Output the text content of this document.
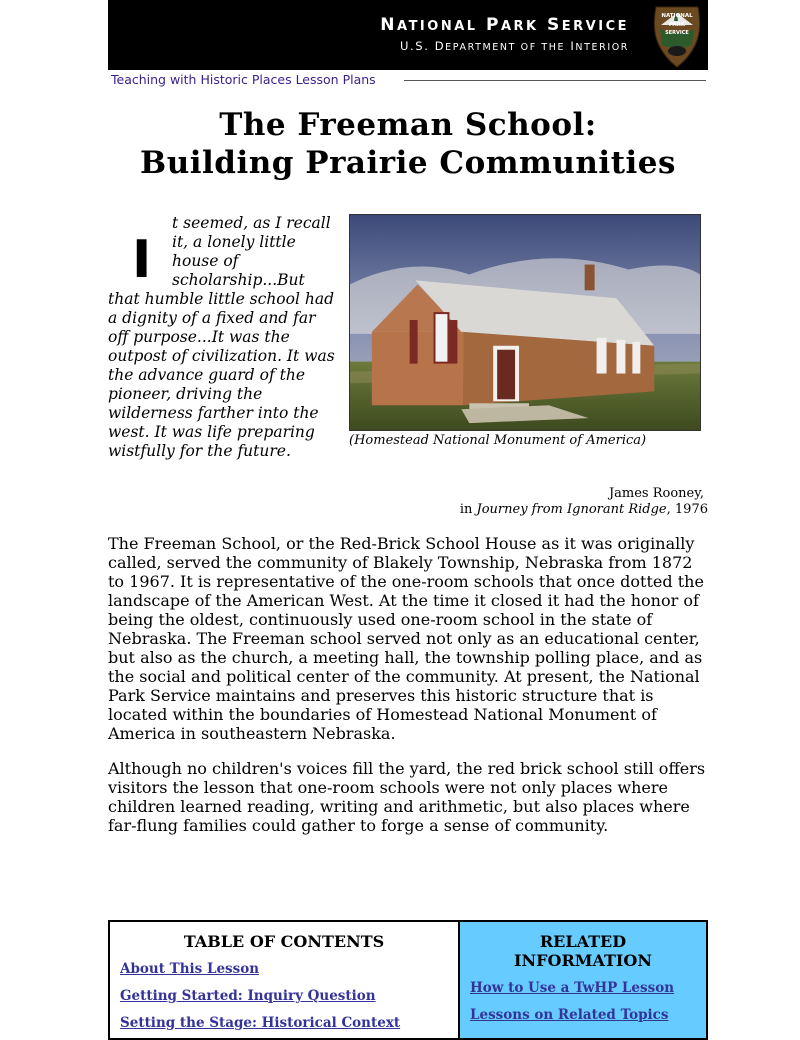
NATIONAL PARK SERVICE
U.S. DEPARTMENT OF THE INTERIOR
NATIONAL
PARK
SERVICE
Teaching with Historic Places Lesson Plans
The Freeman School:
Building Prairie Communities
I
t seemed, as I recall it, a lonely little house of scholarship...But that humble little school had a dignity of a fixed and far off purpose...It was the outpost of civilization. It was the advance guard of the pioneer, driving the wilderness farther into the west. It was life preparing wistfully for the future.
(Homestead National Monument of America)
James Rooney,
in Journey from Ignorant Ridge, 1976

The Freeman School, or the Red-Brick School House as it was originally called, served the community of Blakely Township, Nebraska from 1872 to 1967. It is representative of the one-room schools that once dotted the landscape of the American West. At the time it closed it had the honor of being the oldest, continuously used one-room school in the state of Nebraska. The Freeman school served not only as an educational center, but also as the church, a meeting hall, the township polling place, and as the social and political center of the community. At present, the National Park Service maintains and preserves this historic structure that is located within the boundaries of Homestead National Monument of America in southeastern Nebraska.

Although no children's voices fill the yard, the red brick school still offers visitors the lesson that one-room schools were not only places where children learned reading, writing and arithmetic, but also places where far-flung families could gather to forge a sense of community.

TABLE OF CONTENTS
About This Lesson
Getting Started: Inquiry Question
Setting the Stage: Historical Context
RELATED INFORMATION
How to Use a TwHP Lesson
Lessons on Related Topics
